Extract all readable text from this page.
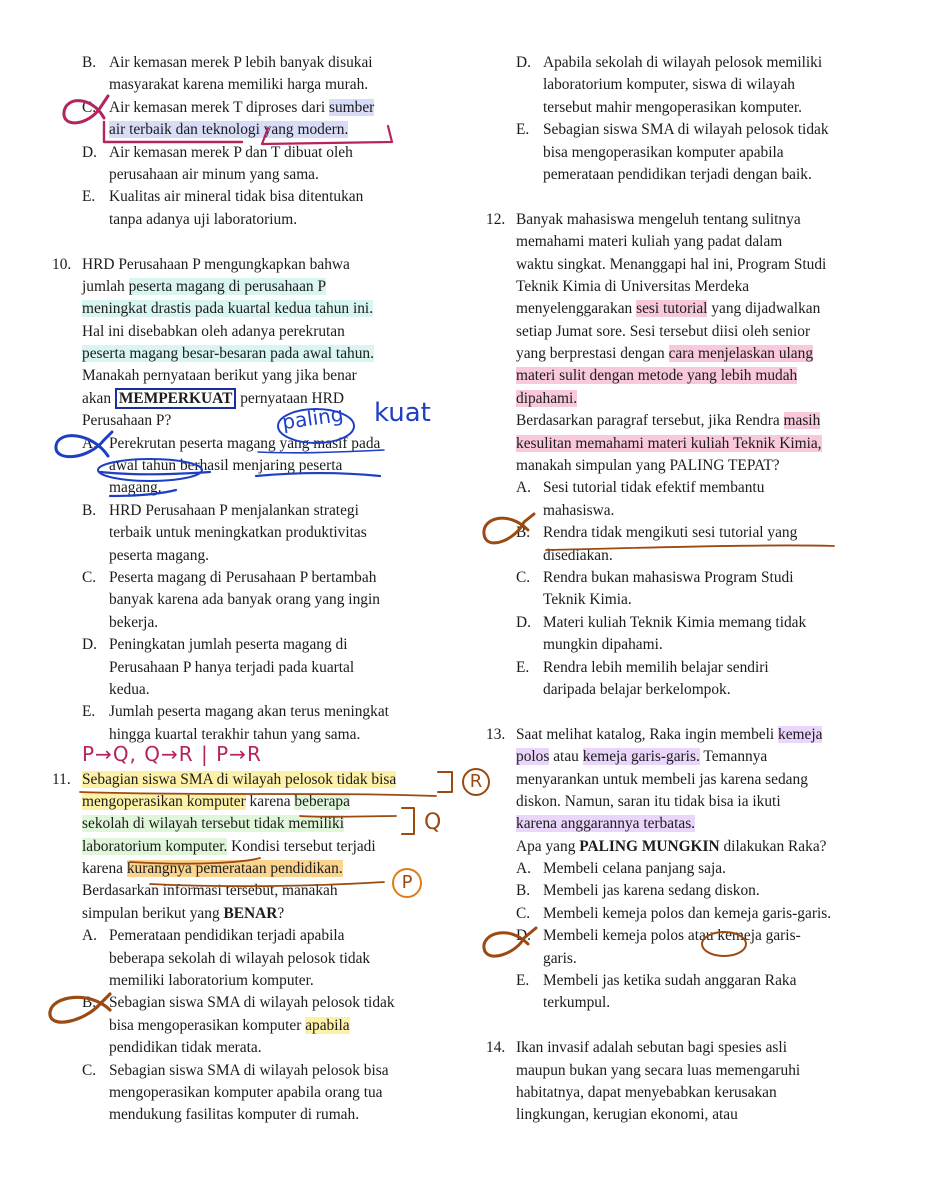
B. Air kemasan merek P lebih banyak disukai
masyarakat karena memiliki harga murah.
C. Air kemasan merek T diproses dari sumber
air terbaik dan teknologi yang modern.
D. Air kemasan merek P dan T dibuat oleh
perusahaan air minum yang sama.
E. Kualitas air mineral tidak bisa ditentukan
tanpa adanya uji laboratorium.
10. HRD Perusahaan P mengungkapkan bahwa
jumlah peserta magang di perusahaan P
meningkat drastis pada kuartal kedua tahun ini.
Hal ini disebabkan oleh adanya perekrutan
peserta magang besar-besaran pada awal tahun.
Manakah pernyataan berikut yang jika benar
akan MEMPERKUAT pernyataan HRD
Perusahaan P?
A. Perekrutan peserta magang yang masif pada
awal tahun berhasil menjaring peserta
magang.
B. HRD Perusahaan P menjalankan strategi
terbaik untuk meningkatkan produktivitas
peserta magang.
C. Peserta magang di Perusahaan P bertambah
banyak karena ada banyak orang yang ingin
bekerja.
D. Peningkatan jumlah peserta magang di
Perusahaan P hanya terjadi pada kuartal
kedua.
E. Jumlah peserta magang akan terus meningkat
hingga kuartal terakhir tahun yang sama.
11. Sebagian siswa SMA di wilayah pelosok tidak bisa
mengoperasikan komputer karena beberapa
sekolah di wilayah tersebut tidak memiliki
laboratorium komputer. Kondisi tersebut terjadi
karena kurangnya pemerataan pendidikan.
Berdasarkan informasi tersebut, manakah
simpulan berikut yang BENAR?
A. Pemerataan pendidikan terjadi apabila
beberapa sekolah di wilayah pelosok tidak
memiliki laboratorium komputer.
B. Sebagian siswa SMA di wilayah pelosok tidak
bisa mengoperasikan komputer apabila
pendidikan tidak merata.
C. Sebagian siswa SMA di wilayah pelosok bisa
mengoperasikan komputer apabila orang tua
mendukung fasilitas komputer di rumah.
D. Apabila sekolah di wilayah pelosok memiliki
laboratorium komputer, siswa di wilayah
tersebut mahir mengoperasikan komputer.
E. Sebagian siswa SMA di wilayah pelosok tidak
bisa mengoperasikan komputer apabila
pemerataan pendidikan terjadi dengan baik.
12. Banyak mahasiswa mengeluh tentang sulitnya
memahami materi kuliah yang padat dalam
waktu singkat. Menanggapi hal ini, Program Studi
Teknik Kimia di Universitas Merdeka
menyelenggarakan sesi tutorial yang dijadwalkan
setiap Jumat sore. Sesi tersebut diisi oleh senior
yang berprestasi dengan cara menjelaskan ulang
materi sulit dengan metode yang lebih mudah
dipahami.
Berdasarkan paragraf tersebut, jika Rendra masih
kesulitan memahami materi kuliah Teknik Kimia,
manakah simpulan yang PALING TEPAT?
A. Sesi tutorial tidak efektif membantu
mahasiswa.
B. Rendra tidak mengikuti sesi tutorial yang
disediakan.
C. Rendra bukan mahasiswa Program Studi
Teknik Kimia.
D. Materi kuliah Teknik Kimia memang tidak
mungkin dipahami.
E. Rendra lebih memilih belajar sendiri
daripada belajar berkelompok.
13. Saat melihat katalog, Raka ingin membeli kemeja
polos atau kemeja garis-garis. Temannya
menyarankan untuk membeli jas karena sedang
diskon. Namun, saran itu tidak bisa ia ikuti
karena anggarannya terbatas.
Apa yang PALING MUNGKIN dilakukan Raka?
A. Membeli celana panjang saja.
B. Membeli jas karena sedang diskon.
C. Membeli kemeja polos dan kemeja garis-garis.
D. Membeli kemeja polos atau kemeja garis-
garis.
E. Membeli jas ketika sudah anggaran Raka
terkumpul.
14. Ikan invasif adalah sebutan bagi spesies asli
maupun bukan yang secara luas memengaruhi
habitatnya, dapat menyebabkan kerusakan
lingkungan, kerugian ekonomi, atau
paling kuat
P→Q, Q→R | P→R
R
Q
P
